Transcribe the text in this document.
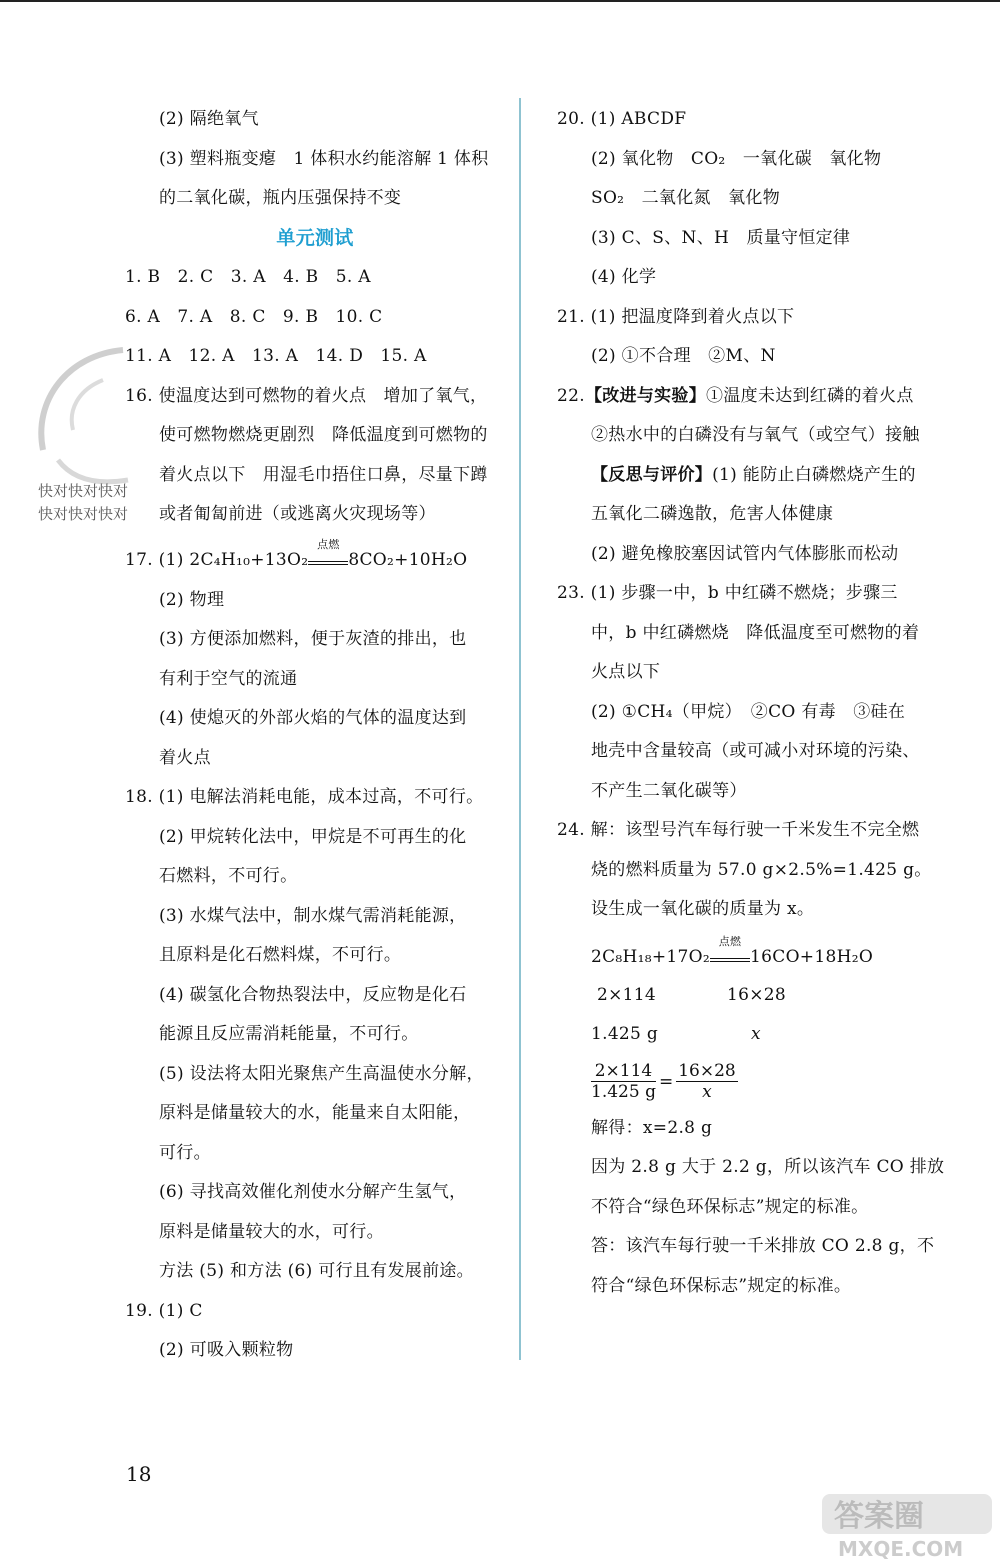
(2) 隔绝氧气
(3) 塑料瓶变瘪　1 体积水约能溶解 1 体积
的二氧化碳，瓶内压强保持不变
单元测试
1. B　2. C　3. A　4. B　5. A
6. A　7. A　8. C　9. B　10. C
11. A　12. A　13. A　14. D　15. A
16. 使温度达到可燃物的着火点　增加了氧气，
使可燃物燃烧更剧烈　降低温度到可燃物的
着火点以下　用湿毛巾捂住口鼻，尽量下蹲
或者匍匐前进（或逃离火灾现场等）
17. (1) 2C₄H₁₀+13O₂
点燃
8CO₂+10H₂O
(2) 物理
(3) 方便添加燃料，便于灰渣的排出，也
有利于空气的流通
(4) 使熄灭的外部火焰的气体的温度达到
着火点
18. (1) 电解法消耗电能，成本过高，不可行。
(2) 甲烷转化法中，甲烷是不可再生的化
石燃料，不可行。
(3) 水煤气法中，制水煤气需消耗能源，
且原料是化石燃料煤，不可行。
(4) 碳氢化合物热裂法中，反应物是化石
能源且反应需消耗能量，不可行。
(5) 设法将太阳光聚焦产生高温使水分解，
原料是储量较大的水，能量来自太阳能，
可行。
(6) 寻找高效催化剂使水分解产生氢气，
原料是储量较大的水，可行。
方法 (5) 和方法 (6) 可行且有发展前途。
19. (1) C
(2) 可吸入颗粒物
20. (1) ABCDF
(2) 氧化物　CO₂　一氧化碳　氧化物
SO₂　二氧化氮　氧化物
(3) C、S、N、H　质量守恒定律
(4) 化学
21. (1) 把温度降到着火点以下
(2) ①不合理　②M、N
22.【改进与实验】①温度未达到红磷的着火点
②热水中的白磷没有与氧气（或空气）接触
【反思与评价】(1) 能防止白磷燃烧产生的
五氧化二磷逸散，危害人体健康
(2) 避免橡胶塞因试管内气体膨胀而松动
23. (1) 步骤一中，b 中红磷不燃烧；步骤三
中，b 中红磷燃烧　降低温度至可燃物的着
火点以下
(2) ①CH₄（甲烷）　②CO 有毒　③硅在
地壳中含量较高（或可减小对环境的污染、
不产生二氧化碳等）
24. 解：该型号汽车每行驶一千米发生不完全燃
烧的燃料质量为 57.0 g×2.5%=1.425 g。
设生成一氧化碳的质量为 x。
2C₈H₁₈+17O₂
点燃
16CO+18H₂O
2×114	16×28
1.425 g	x
$\frac{2\times 114}{1.425 g} = \frac{16\times 28}{x}$
解得：x=2.8 g
因为 2.8 g 大于 2.2 g，所以该汽车 CO 排放
不符合“绿色环保标志”规定的标准。
答：该汽车每行驶一千米排放 CO 2.8 g，不
符合“绿色环保标志”规定的标准。
快对快对快对
快对快对快对
18
答案圈
MXQE.COM
